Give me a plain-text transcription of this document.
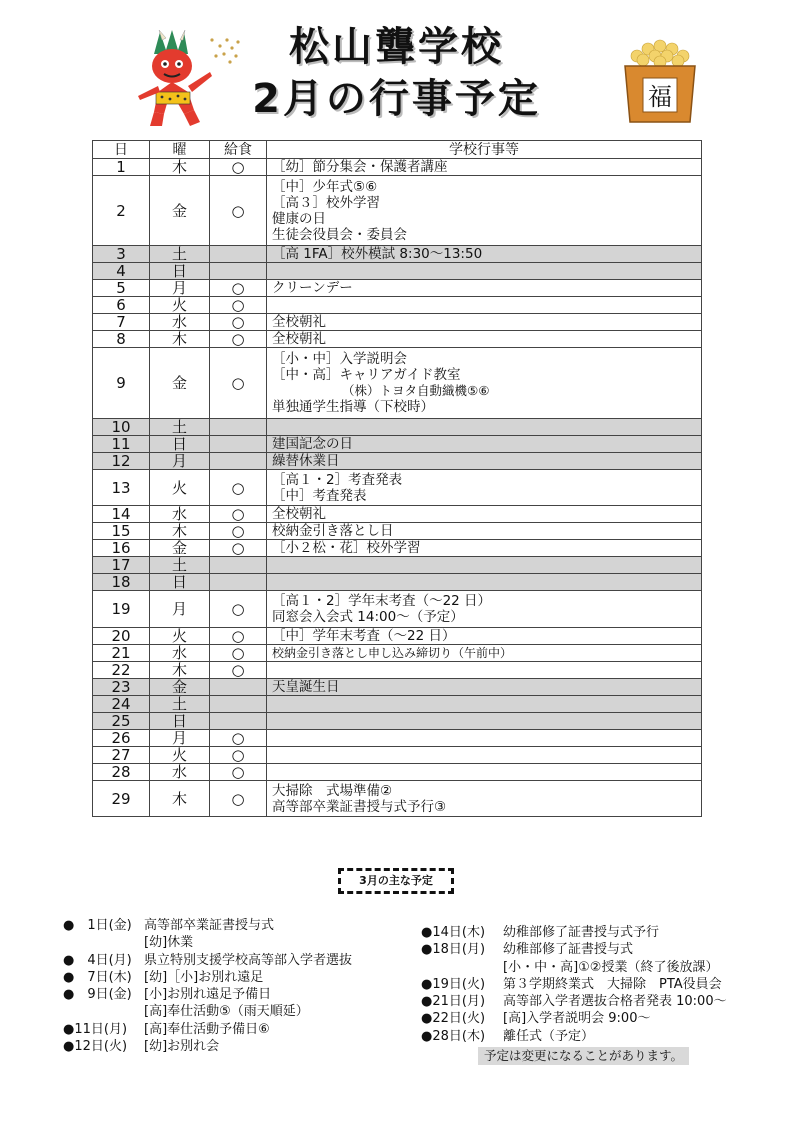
松山聾学校
2月の行事予定	福
日	曜	給食	学校行事等
1	木	○	［幼］節分集会・保護者講座

2	金	○	［中］少年式⑤⑥
［高３］校外学習
健康の日
生徒会役員会・委員会

3	土		［高 1FA］校外模試 8:30～13:50

4	日		

5	月	○	クリーンデー

6	火	○	

7	水	○	全校朝礼

8	木	○	全校朝礼

9	金	○	［小・中］入学説明会
［中・高］キャリアガイド教室
（株）トヨタ自動織機⑤⑥
単独通学生指導（下校時）

10	土		

11	日		建国記念の日

12	月		繰替休業日

13	火	○	［高１・2］考査発表
［中］考査発表

14	水	○	全校朝礼

15	木	○	校納金引き落とし日

16	金	○	［小２松・花］校外学習

17	土		

18	日		

19	月	○	［高１・2］学年末考査（～22 日）
同窓会入会式 14:00～（予定）

20	火	○	［中］学年末考査（～22 日）

21	水	○	校納金引き落とし申し込み締切り（午前中）

22	木	○	

23	金		天皇誕生日

24	土		

25	日		

26	月	○	

27	火	○	

28	水	○	

29	木	○	大掃除　式場準備②
高等部卒業証書授与式予行③
3月の主な予定
●　1日(金) 高等部卒業証書授与式
[幼]休業
●　4日(月) 県立特別支援学校高等部入学者選抜
●　7日(木) [幼]［小]お別れ遠足
●　9日(金) [小]お別れ遠足予備日
[高]奉仕活動⑤（雨天順延）
●11日(月) [高]奉仕活動予備日⑥
●12日(火) [幼]お別れ会
●14日(木) 幼稚部修了証書授与式予行
●18日(月) 幼稚部修了証書授与式
[小・中・高]①②授業（終了後放課）
●19日(火) 第３学期終業式　大掃除　PTA役員会
●21日(月) 高等部入学者選抜合格者発表 10:00～
●22日(火) [高]入学者説明会 9:00～
●28日(木) 離任式（予定）
予定は変更になることがあります。
